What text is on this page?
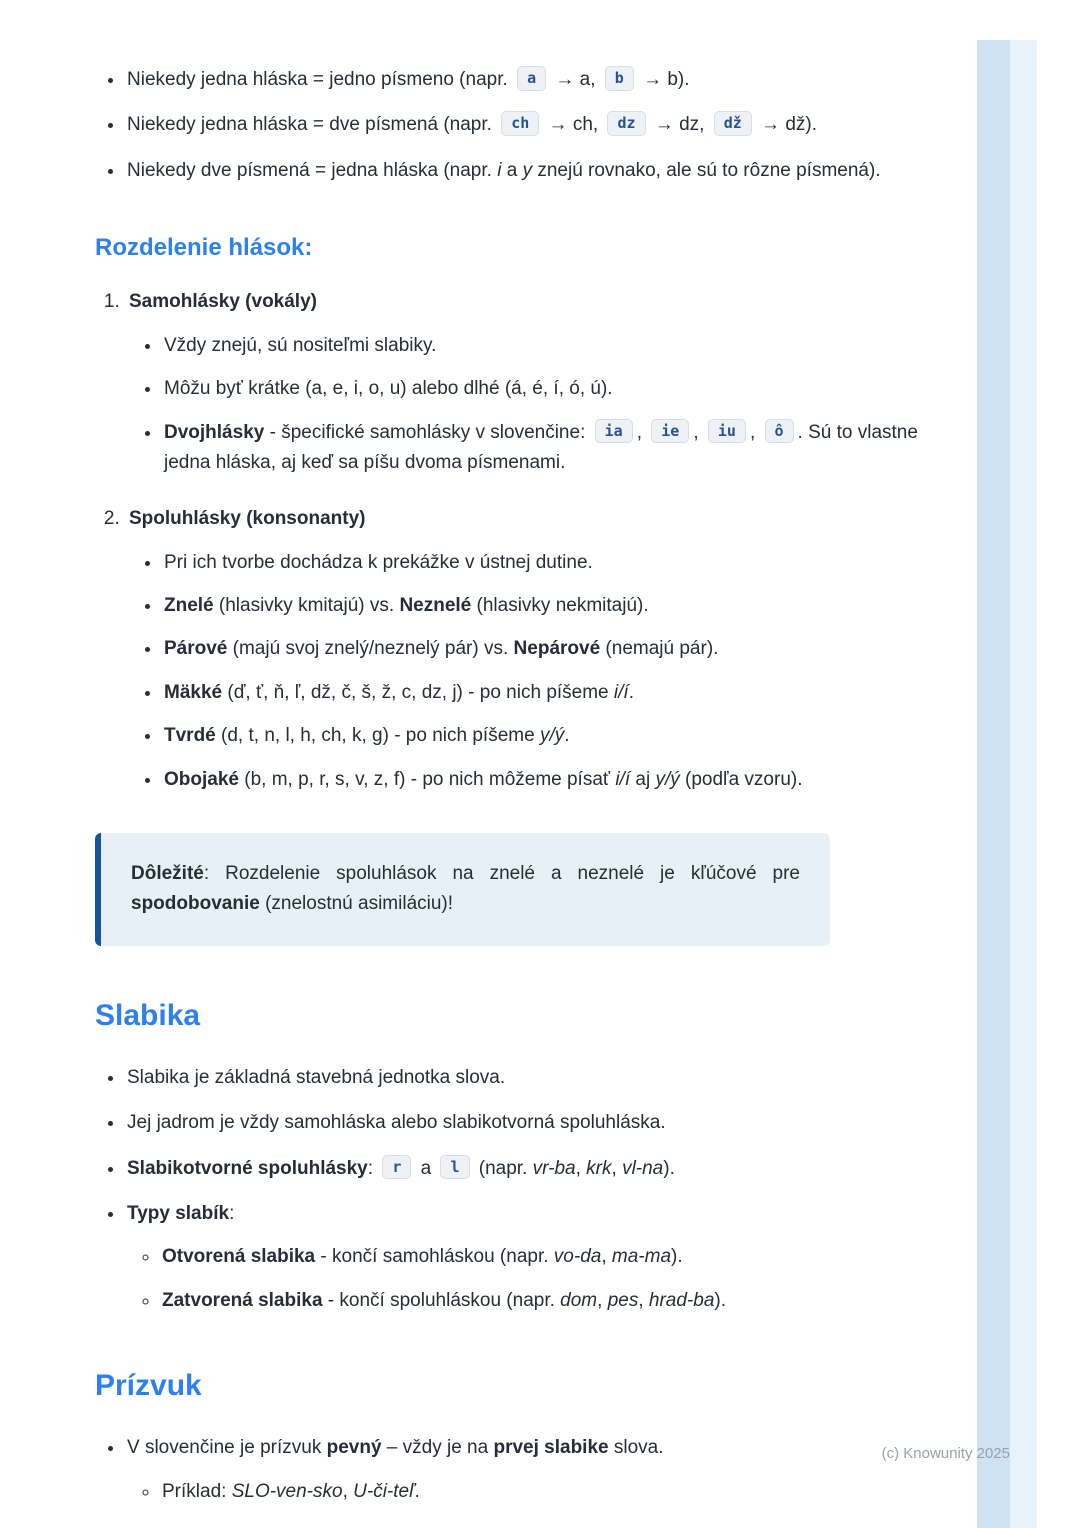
• Niekedy jedna hláska = jedno písmeno (napr. a → a, b → b).
• Niekedy jedna hláska = dve písmená (napr. ch → ch, dz → dz, dž → dž).
• Niekedy dve písmená = jedna hláska (napr. i a y znejú rovnako, ale sú to rôzne písmená).
Rozdelenie hlások:
1. Samohlásky (vokály)
• Vždy znejú, sú nositeľmi slabiky.
• Môžu byť krátke (a, e, i, o, u) alebo dlhé (á, é, í, ó, ú).
• Dvojhlásky - špecifické samohlásky v slovenčine: ia , ie , iu , ô . Sú to vlastne jedna hláska, aj keď sa píšu dvoma písmenami.
2. Spoluhlásky (konsonanty)
• Pri ich tvorbe dochádza k prekážke v ústnej dutine.
• Znelé (hlasivky kmitajú) vs. Neznelé (hlasivky nekmitajú).
• Párové (majú svoj znelý/neznelý pár) vs. Nepárové (nemajú pár).
• Mäkké (ď, ť, ň, ľ, dž, č, š, ž, c, dz, j) - po nich píšeme i/í.
• Tvrdé (d, t, n, l, h, ch, k, g) - po nich píšeme y/ý.
• Obojaké (b, m, p, r, s, v, z, f) - po nich môžeme písať i/í aj y/ý (podľa vzoru).

Dôležité: Rozdelenie spoluhlások na znelé a neznelé je kľúčové pre spodobovanie (znelostnú asimiláciu)!

Slabika
• Slabika je základná stavebná jednotka slova.
• Jej jadrom je vždy samohláska alebo slabikotvorná spoluhláska.
• Slabikotvorné spoluhlásky: r a l (napr. vr-ba, krk, vl-na).
• Typy slabík:
◦ Otvorená slabika - končí samohláskou (napr. vo-da, ma-ma).
◦ Zatvorená slabika - končí spoluhláskou (napr. dom, pes, hrad-ba).
Prízvuk
• V slovenčine je prízvuk pevný – vždy je na prvej slabike slova.
◦ Príklad: SLO-ven-sko, U-či-teľ.
(c) Knowunity 2025
